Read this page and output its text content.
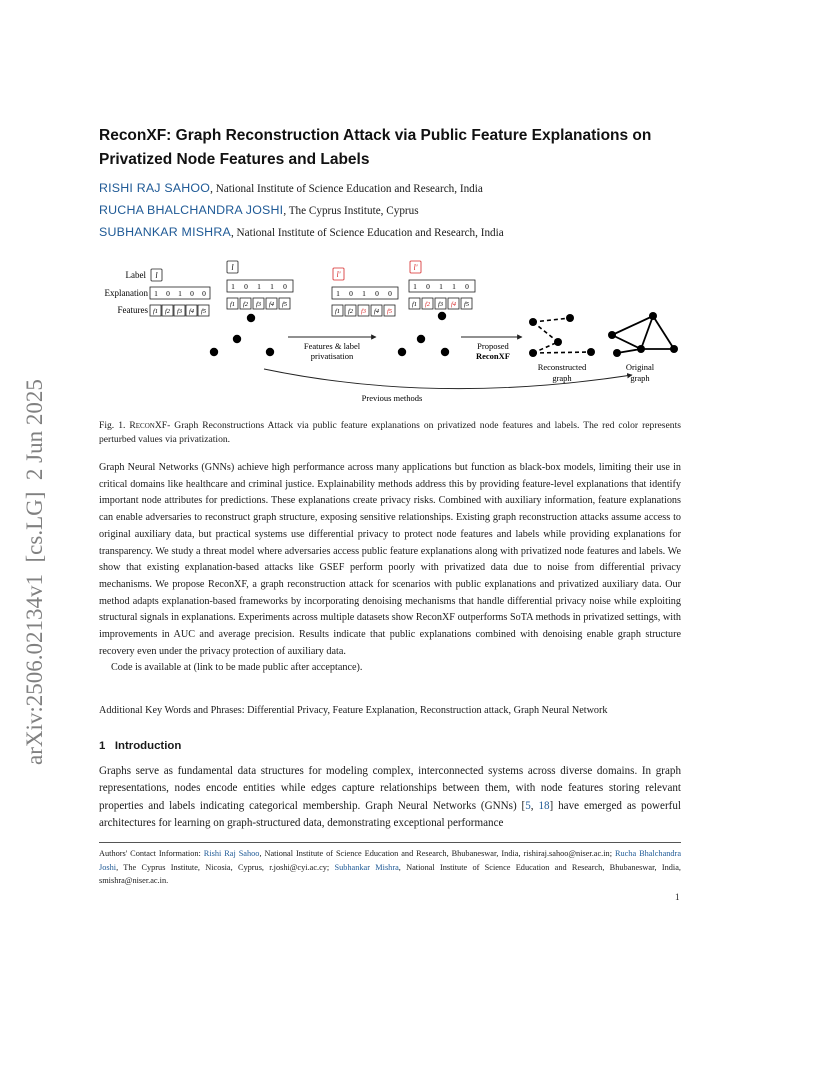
arXiv:2506.02134v1  [cs.LG]  2 Jun 2025
ReconXF: Graph Reconstruction Attack via Public Feature Explanations on Privatized Node Features and Labels
RISHI RAJ SAHOO, National Institute of Science Education and Research, India
RUCHA BHALCHANDRA JOSHI, The Cyprus Institute, Cyprus
SUBHANKAR MISHRA, National Institute of Science Education and Research, India
Label
Explanation
Features
l
1 0 1 0 0
f1 f2 f3 f4 f5
l
1 0 1 1 0
f1 f2 f3 f4 f5
Features & label
privatisation
l'
1 0 1 0 0
f1 f2 f3 f4 f5
l'
1 0 1 1 0
f1 f2 f3 f4 f5
Proposed
ReconXF
Reconstructed
graph
Original
graph
Previous methods
Fig. 1. ReconXF- Graph Reconstructions Attack via public feature explanations on privatized node features and labels. The red color represents perturbed values via privatization.
Graph Neural Networks (GNNs) achieve high performance across many applications but function as black-box models, limiting their use in critical domains like healthcare and criminal justice. Explainability methods address this by providing feature-level explanations that identify important node attributes for predictions. These explanations create privacy risks. Combined with auxiliary information, feature explanations can enable adversaries to reconstruct graph structure, exposing sensitive relationships. Existing graph reconstruction attacks assume access to original auxiliary data, but practical systems use differential privacy to protect node features and labels while providing explanations for transparency. We study a threat model where adversaries access public feature explanations along with privatized node features and labels. We show that existing explanation-based attacks like GSEF perform poorly with privatized data due to noise from differential privacy mechanisms. We propose ReconXF, a graph reconstruction attack for scenarios with public explanations and privatized auxiliary data. Our method adapts explanation-based frameworks by incorporating denoising mechanisms that handle differential privacy noise while exploiting structural signals in explanations. Experiments across multiple datasets show ReconXF outperforms SoTA methods in privatized settings, with improvements in AUC and average precision. Results indicate that public explanations combined with denoising enable graph structure recovery even under the privacy protection of auxiliary data.
Code is available at (link to be made public after acceptance).
Additional Key Words and Phrases: Differential Privacy, Feature Explanation, Reconstruction attack, Graph Neural Network
1 Introduction
Graphs serve as fundamental data structures for modeling complex, interconnected systems across diverse domains. In graph representations, nodes encode entities while edges capture relationships between them, with node features storing relevant properties and labels indicating categorical membership. Graph Neural Networks (GNNs) [5, 18] have emerged as powerful architectures for learning on graph-structured data, demonstrating exceptional performance
Authors' Contact Information: Rishi Raj Sahoo, National Institute of Science Education and Research, Bhubaneswar, India, rishiraj.sahoo@niser.ac.in; Rucha Bhalchandra Joshi, The Cyprus Institute, Nicosia, Cyprus, r.joshi@cyi.ac.cy; Subhankar Mishra, National Institute of Science Education and Research, Bhubaneswar, India, smishra@niser.ac.in.
1
